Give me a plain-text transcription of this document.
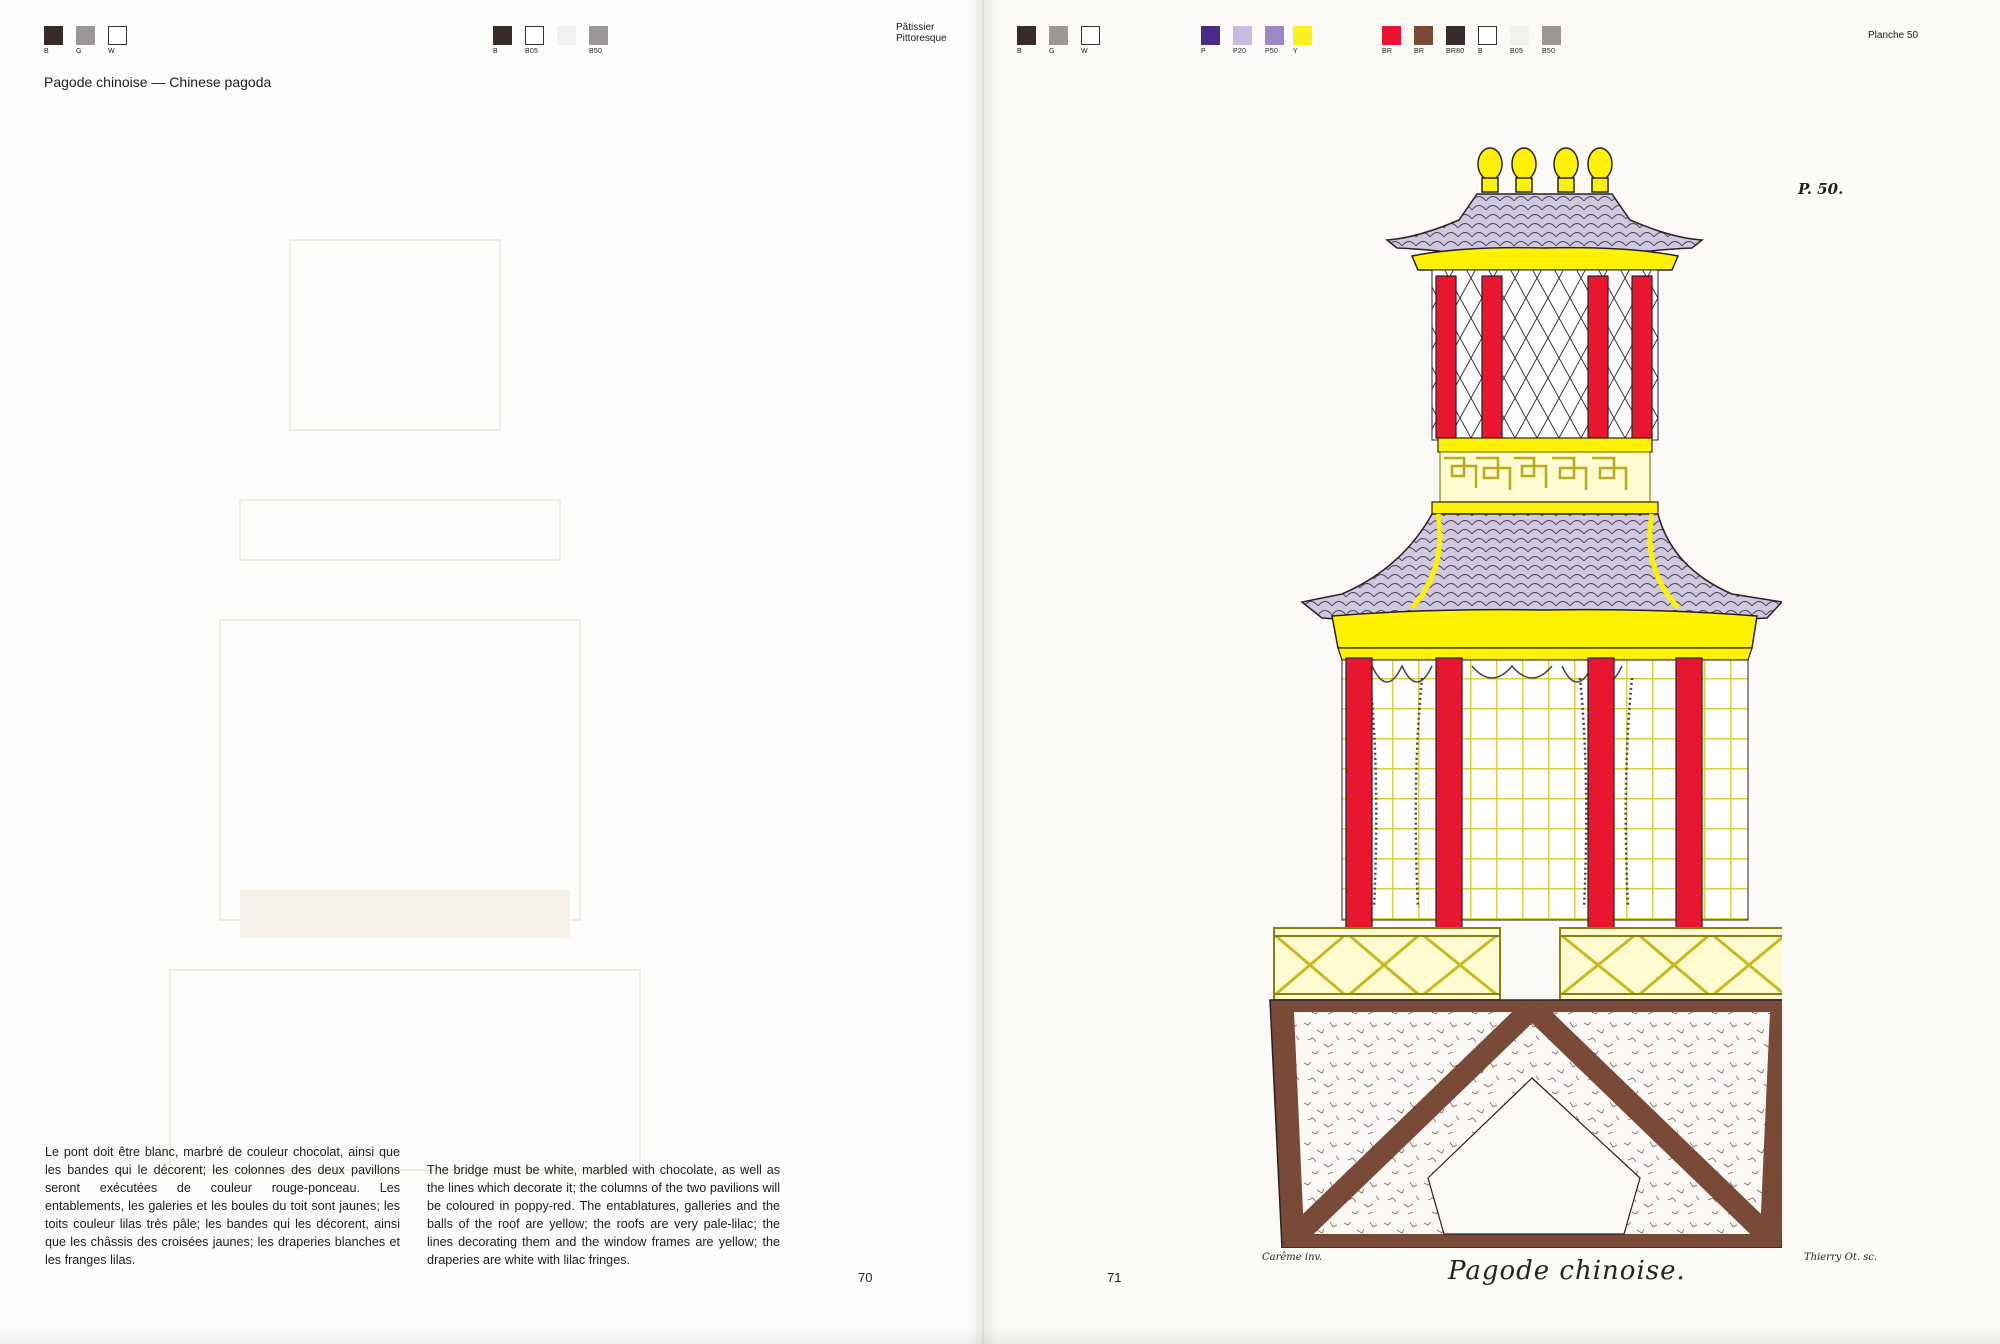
B	G	W	B	B05	B50
Pâtissier
Pittoresque
Pagode chinoise — Chinese pagoda

Le pont doit être blanc, marbré de couleur chocolat, ainsi que les bandes qui le décorent; les colonnes des deux pavillons seront exécutées de couleur rouge-ponceau. Les entablements, les galeries et les boules du toit sont jaunes; les toits couleur lilas très pâle; les bandes qui les décorent, ainsi que les châssis des croisées jaunes; les draperies blanches et les franges lilas.

The bridge must be white, marbled with chocolate, as well as the lines which decorate it; the columns of the two pavilions will be coloured in poppy-red. The entablatures, galleries and the balls of the roof are yellow; the roofs are very pale-lilac; the lines decorating them and the window frames are yellow; the draperies are white with lilac fringes.

70
B	G	W	P	P20	P50	Y	BR	BR	BR80 B	B05	B50
Planche 50
P. 50.
Carême inv.	Pagode chinoise.	Thierry Ot. sc.
71
